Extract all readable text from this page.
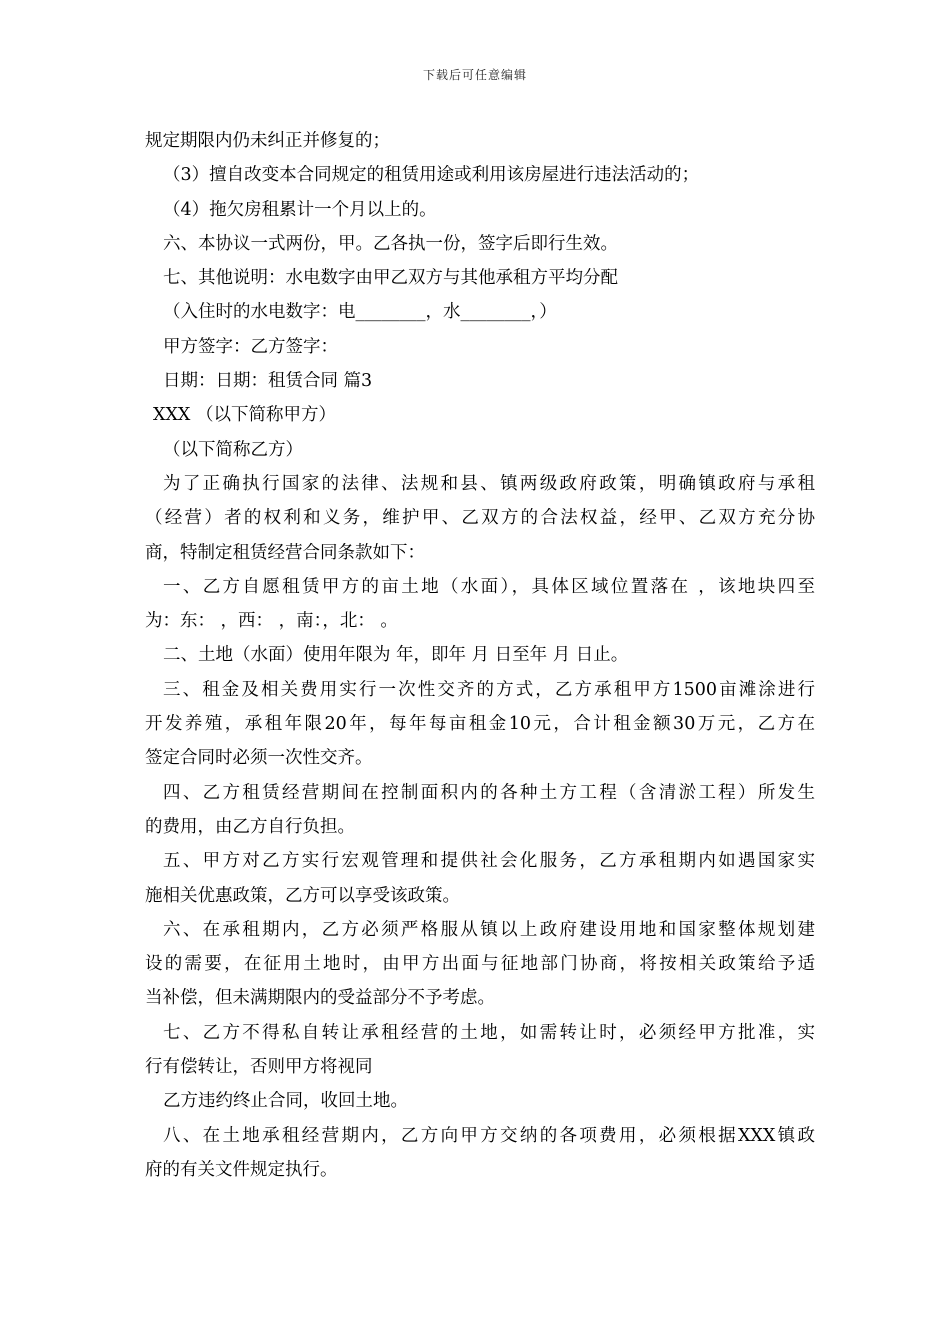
下载后可任意编辑
规定期限内仍未纠正并修复的；
（3）擅自改变本合同规定的租赁用途或利用该房屋进行违法活动的；
（4）拖欠房租累计一个月以上的。
六、本协议一式两份，甲。乙各执一份，签字后即行生效。
七、其他说明：水电数字由甲乙双方与其他承租方平均分配
（入住时的水电数字：电________，水________，）
甲方签字：乙方签字：
日期：日期：租赁合同 篇3
XXX （以下简称甲方）
（以下简称乙方）
为了正确执行国家的法律、法规和县、镇两级政府政策，明确镇政府与承租
（经营）者的权利和义务，维护甲、乙双方的合法权益，经甲、乙双方充分协
商，特制定租赁经营合同条款如下：
一、乙方自愿租赁甲方的亩土地（水面），具体区域位置落在 ，该地块四至
为：东： ，西： ，南：，北： 。
二、土地（水面）使用年限为 年，即年 月 日至年 月 日止。
三、租金及相关费用实行一次性交齐的方式，乙方承租甲方1500亩滩涂进行
开发养殖，承租年限20年，每年每亩租金10元，合计租金额30万元，乙方在
签定合同时必须一次性交齐。
四、乙方租赁经营期间在控制面积内的各种土方工程（含清淤工程）所发生
的费用，由乙方自行负担。
五、甲方对乙方实行宏观管理和提供社会化服务，乙方承租期内如遇国家实
施相关优惠政策，乙方可以享受该政策。
六、在承租期内，乙方必须严格服从镇以上政府建设用地和国家整体规划建
设的需要，在征用土地时，由甲方出面与征地部门协商，将按相关政策给予适
当补偿，但未满期限内的受益部分不予考虑。
七、乙方不得私自转让承租经营的土地，如需转让时，必须经甲方批准，实
行有偿转让，否则甲方将视同
乙方违约终止合同，收回土地。
八、在土地承租经营期内，乙方向甲方交纳的各项费用，必须根据XXX镇政
府的有关文件规定执行。
